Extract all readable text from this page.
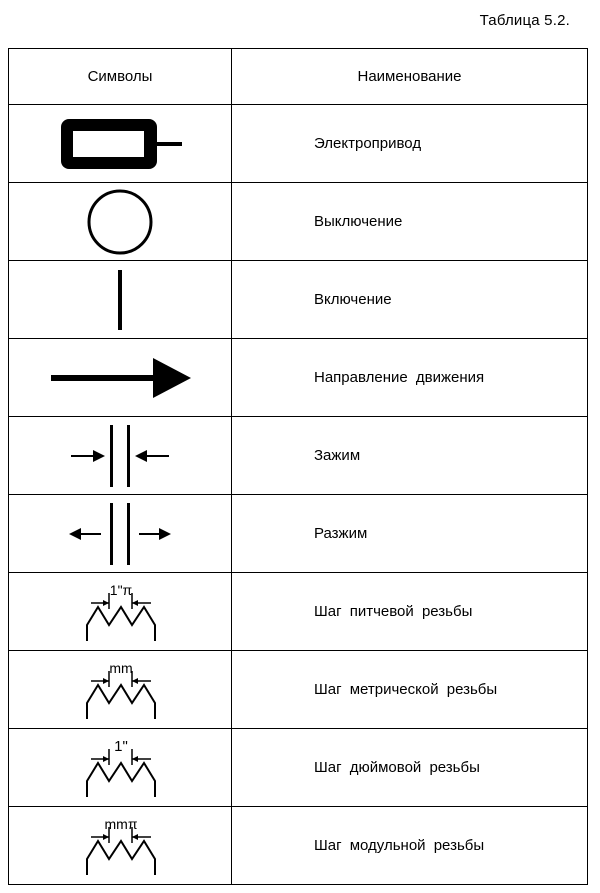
Таблица 5.2.
Символы	Наименование

	Электропривод

	Выключение

	Включение

	Направление движения

	Зажим

	Разжим

1"π	Шаг питчевой резьбы

mm	Шаг метрической резьбы

1"	Шаг дюймовой резьбы

mmπ	Шаг модульной резьбы
